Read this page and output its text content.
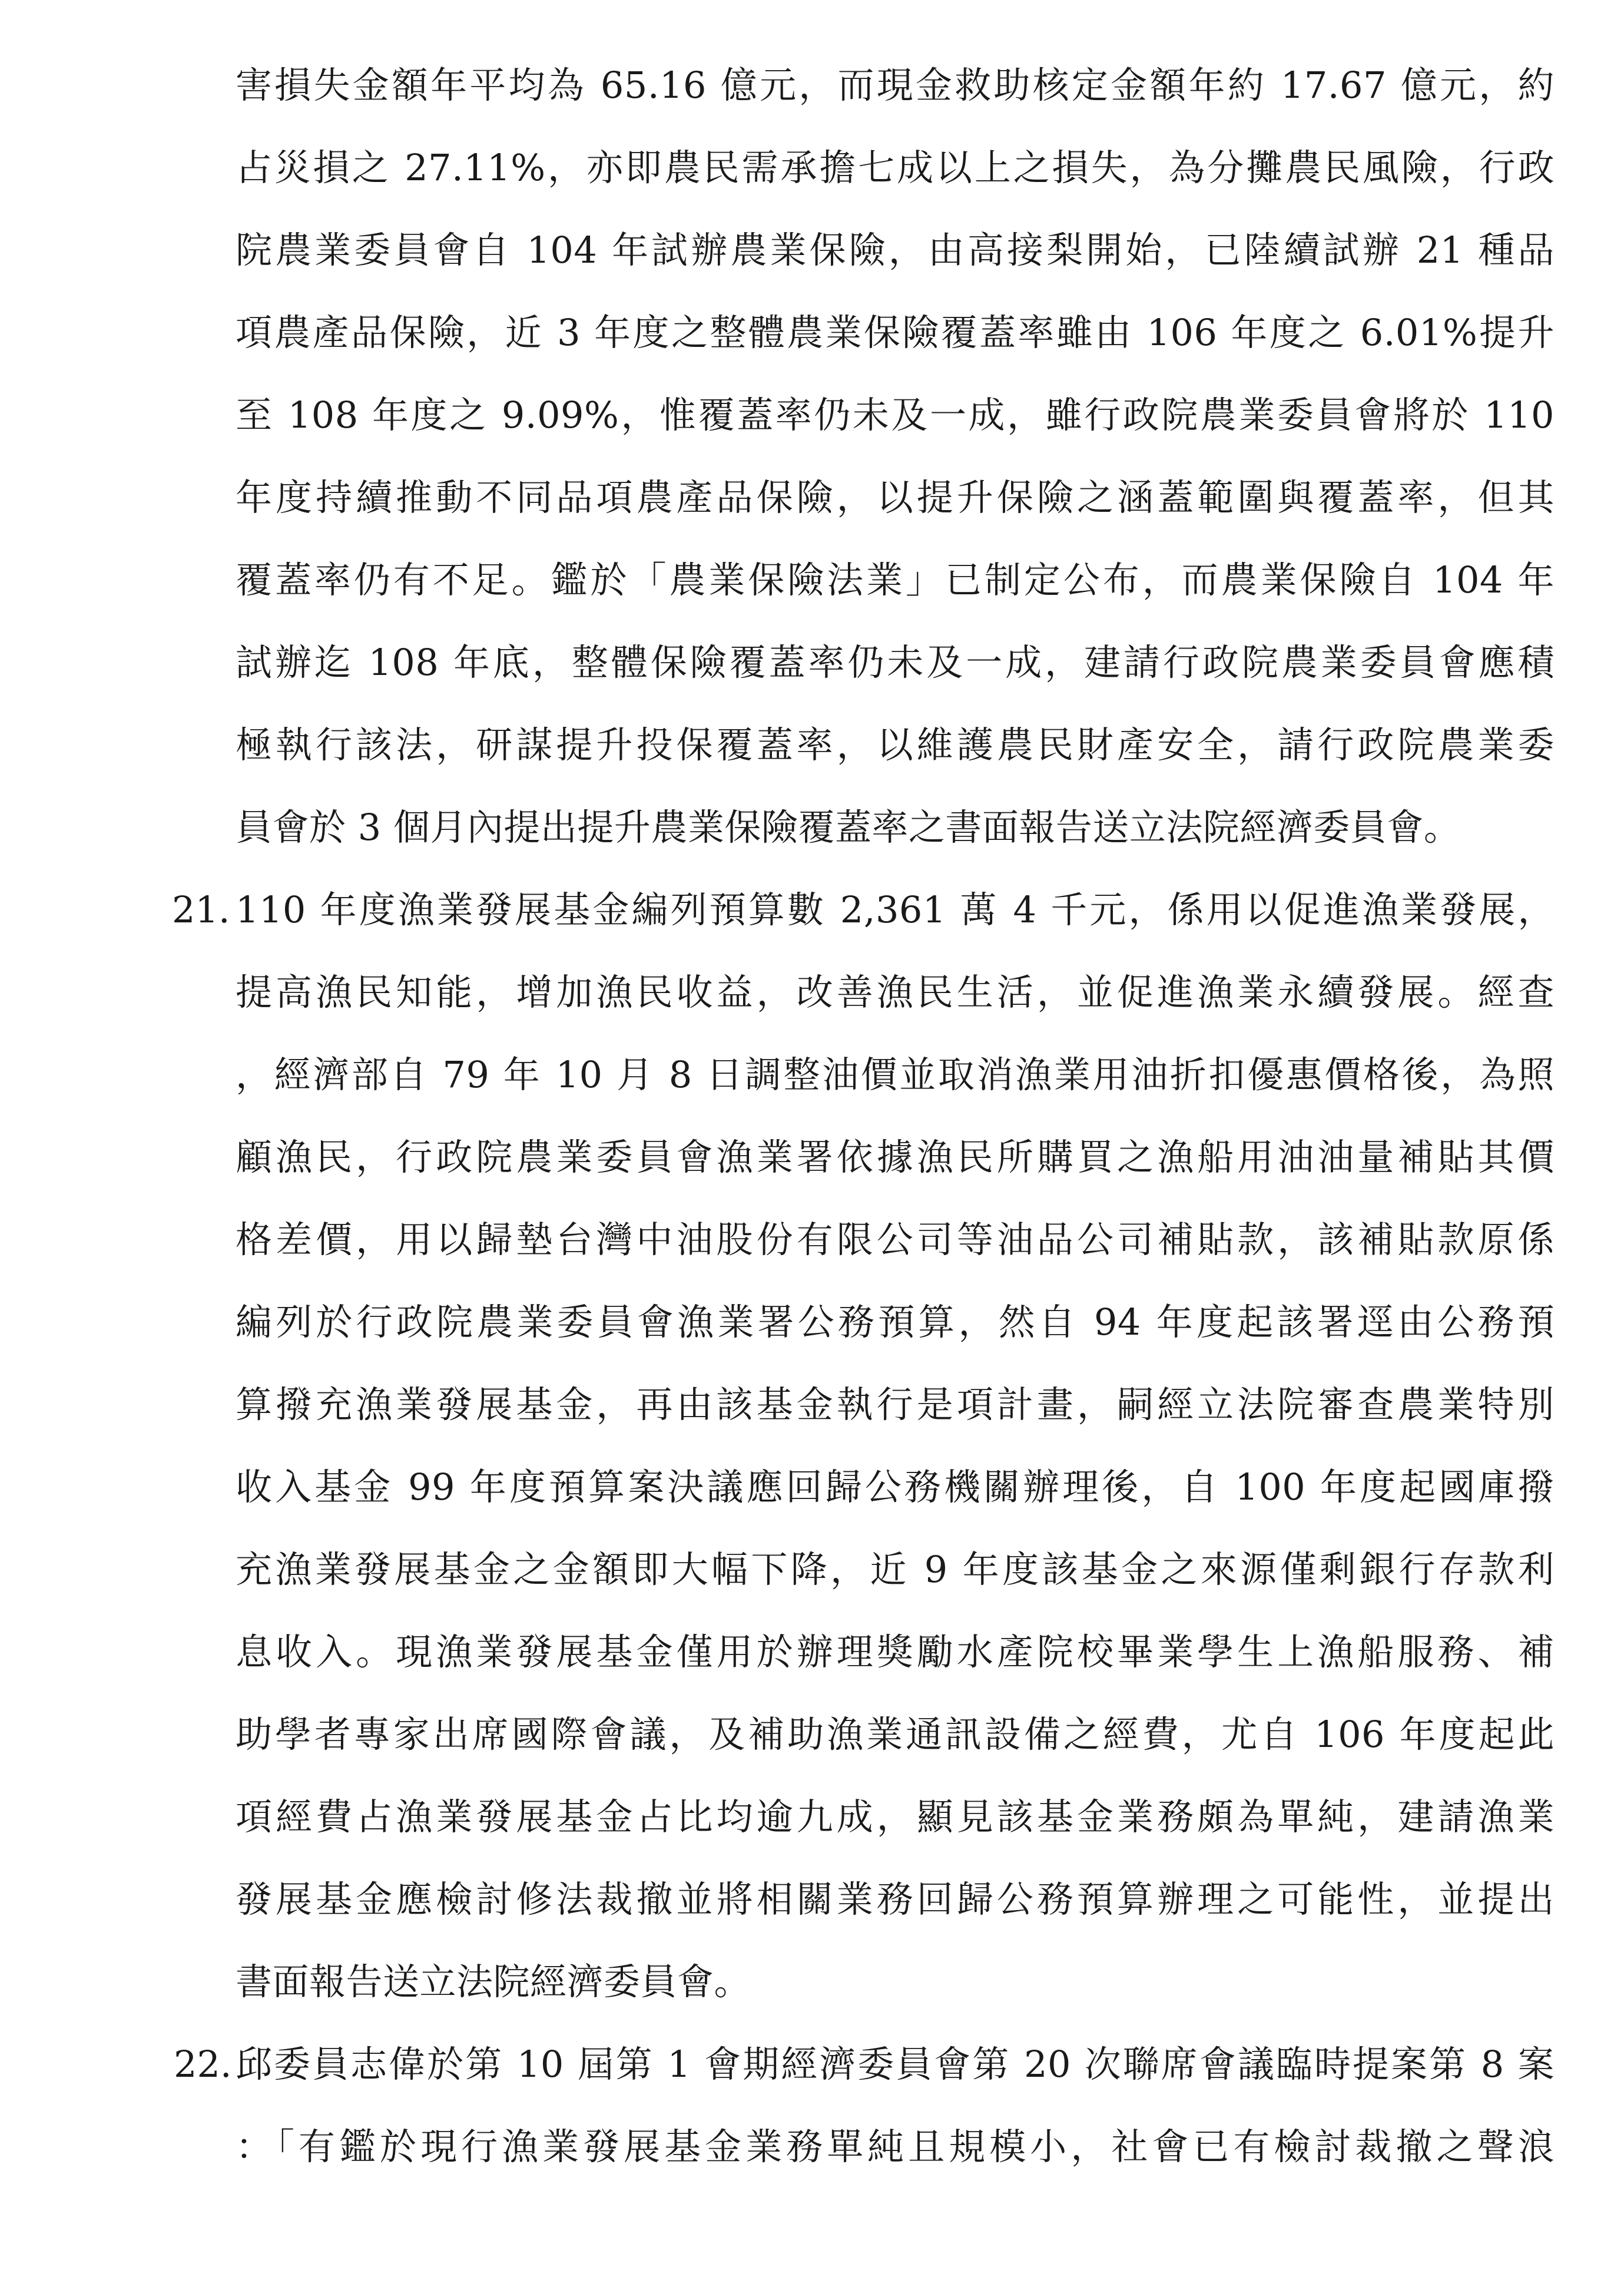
害損失金額年平均為 65.16 億元，而現金救助核定金額年約 17.67 億元，約
占災損之 27.11%，亦即農民需承擔七成以上之損失，為分攤農民風險，行政
院農業委員會自 104 年試辦農業保險，由高接梨開始，已陸續試辦 21 種品
項農產品保險，近 3 年度之整體農業保險覆蓋率雖由 106 年度之 6.01%提升
至 108 年度之 9.09%，惟覆蓋率仍未及一成，雖行政院農業委員會將於 110
年度持續推動不同品項農產品保險，以提升保險之涵蓋範圍與覆蓋率，但其
覆蓋率仍有不足。鑑於「農業保險法業」已制定公布，而農業保險自 104 年
試辦迄 108 年底，整體保險覆蓋率仍未及一成，建請行政院農業委員會應積
極執行該法，研謀提升投保覆蓋率，以維護農民財產安全，請行政院農業委
員會於 3 個月內提出提升農業保險覆蓋率之書面報告送立法院經濟委員會。
21. 110 年度漁業發展基金編列預算數 2,361 萬 4 千元，係用以促進漁業發展，
提高漁民知能，增加漁民收益，改善漁民生活，並促進漁業永續發展。經查
，經濟部自 79 年 10 月 8 日調整油價並取消漁業用油折扣優惠價格後，為照
顧漁民，行政院農業委員會漁業署依據漁民所購買之漁船用油油量補貼其價
格差價，用以歸墊台灣中油股份有限公司等油品公司補貼款，該補貼款原係
編列於行政院農業委員會漁業署公務預算，然自 94 年度起該署逕由公務預
算撥充漁業發展基金，再由該基金執行是項計畫，嗣經立法院審查農業特別
收入基金 99 年度預算案決議應回歸公務機關辦理後，自 100 年度起國庫撥
充漁業發展基金之金額即大幅下降，近 9 年度該基金之來源僅剩銀行存款利
息收入。現漁業發展基金僅用於辦理獎勵水產院校畢業學生上漁船服務、補
助學者專家出席國際會議，及補助漁業通訊設備之經費，尤自 106 年度起此
項經費占漁業發展基金占比均逾九成，顯見該基金業務頗為單純，建請漁業
發展基金應檢討修法裁撤並將相關業務回歸公務預算辦理之可能性，並提出
書面報告送立法院經濟委員會。
22. 邱委員志偉於第 10 屆第 1 會期經濟委員會第 20 次聯席會議臨時提案第 8 案
：「有鑑於現行漁業發展基金業務單純且規模小，社會已有檢討裁撤之聲浪
